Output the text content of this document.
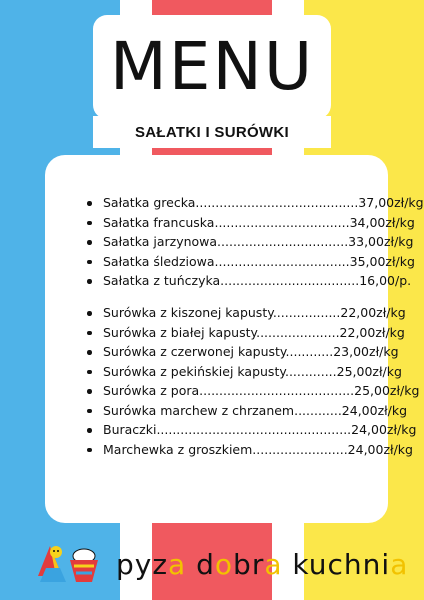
MENU
SAŁATKI I SURÓWKI
Sałatka grecka.........................................37,00zł/kg
Sałatka francuska..................................34,00zł/kg
Sałatka jarzynowa.................................33,00zł/kg
Sałatka śledziowa..................................35,00zł/kg
Sałatka z tuńczyka...................................16,00/p.
Surówka z kiszonej kapusty.................22,00zł/kg
Surówka z białej kapusty.....................22,00zł/kg
Surówka z czerwonej kapusty............23,00zł/kg
Surówka z pekińskiej kapusty.............25,00zł/kg
Surówka z pora.......................................25,00zł/kg
Surówka marchew z chrzanem............24,00zł/kg
Buraczki.................................................24,00zł/kg
Marchewka z groszkiem........................24,00zł/kg
pyza dobra kuchnia
